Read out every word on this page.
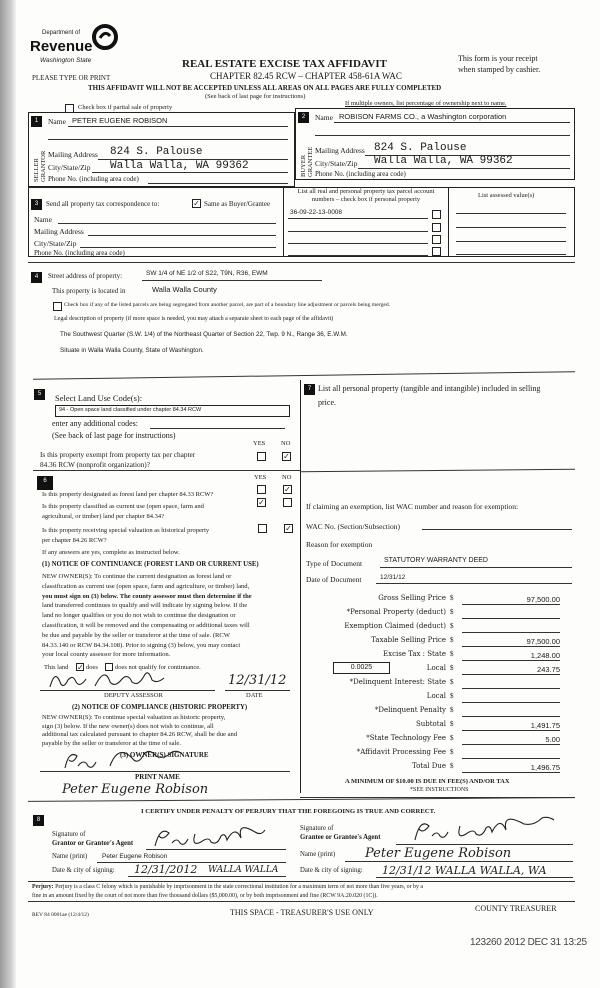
Department of
Revenue
Washington State	REAL ESTATE EXCISE TAX AFFIDAVIT
CHAPTER 82.45 RCW – CHAPTER 458-61A WAC
This form is your receipt
when stamped by cashier.
PLEASE TYPE OR PRINT
THIS AFFIDAVIT WILL NOT BE ACCEPTED UNLESS ALL AREAS ON ALL PAGES ARE FULLY COMPLETED
(See back of last page for instructions)
Check box if partial sale of property
If multiple owners, list percentage of ownership next to name.
1
SELLER GRANTOR
Name PETER EUGENE ROBISON
Mailing Address 824 S. Palouse
City/State/Zip Walla Walla, WA 99362
Phone No. (including area code)
2
BUYER GRANTEE
Name ROBISON FARMS CO., a Washington corporation
Mailing Address 824 S. Palouse
City/State/Zip Walla Walla, WA 99362
Phone No. (including area code)
3	Send all property tax correspondence to:	✓ Same as Buyer/Grantee
Name
Mailing Address
City/State/Zip
Phone No. (including area code)
List all real and personal property tax parcel account
numbers – check box if personal property
List assessed value(s)
36-09-22-13-0008
4	Street address of property:	SW 1/4 of NE 1/2 of S22, T9N, R36, EWM
This property is located in	Walla Walla County
Check box if any of the listed parcels are being segregated from another parcel, are part of a boundary line adjustment or parcels being merged.
Legal description of property (if more space is needed, you may attach a separate sheet to each page of the affidavit)
The Southwest Quarter (S.W. 1/4) of the Northeast Quarter of Section 22, Twp. 9 N., Range 36, E.W.M.
Situate in Walla Walla County, State of Washington.
5	Select Land Use Code(s):
94 - Open space land classified under chapter 84.34 RCW
enter any additional codes:
(See back of last page for instructions)
YES NO
✓
Is this property exempt from property tax per chapter
84.36 RCW (nonprofit organization)?
7 List all personal property (tangible and intangible) included in selling
price.
6	YES NO
Is this property designated as forest land per chapter 84.33 RCW?
✓
Is this property classified as current use (open space, farm and
agricultural, or timber) land per chapter 84.34?
✓
Is this property receiving special valuation as historical property
per chapter 84.26 RCW?
✓
If any answers are yes, complete as instructed below.
(1) NOTICE OF CONTINUANCE (FOREST LAND OR CURRENT USE)
NEW OWNER(S): To continue the current designation as forest land or
classification as current use (open space, farm and agriculture, or timber) land,
you must sign on (3) below. The county assessor must then determine if the
land transferred continues to qualify and will indicate by signing below. If the
land no longer qualifies or you do not wish to continue the designation or
classification, it will be removed and the compensating or additional taxes will
be due and payable by the seller or transferor at the time of sale. (RCW
84.33.140 or RCW 84.34.108). Prior to signing (3) below, you may contact
your local county assessor for more information.
This land ✓ does	does not qualify for continuance.
12/31/12
DEPUTY ASSESSOR	DATE
(2) NOTICE OF COMPLIANCE (HISTORIC PROPERTY)
NEW OWNER(S): To continue special valuation as historic property,
sign (3) below. If the new owner(s) does not wish to continue, all
additional tax calculated pursuant to chapter 84.26 RCW, shall be due and
payable by the seller or transferor at the time of sale.
(3) OWNER(S) SIGNATURE
PRINT NAME
Peter Eugene Robison
If claiming an exemption, list WAC number and reason for exemption:
WAC No. (Section/Subsection)
Reason for exemption
Type of Document	STATUTORY WARRANTY DEED
Date of Document	12/31/12
0.0025
Gross Selling Price $	97,500.00
*Personal Property (deduct) $
Exemption Claimed (deduct) $
Taxable Selling Price $	97,500.00
Excise Tax : State $	1,248.00
Local $	243.75
*Delinquent Interest: State $
Local $
*Delinquent Penalty $
Subtotal $	1,491.75
*State Technology Fee $	5.00
*Affidavit Processing Fee $
Total Due $	1,496.75
A MINIMUM OF $10.00 IS DUE IN FEE(S) AND/OR TAX
*SEE INSTRUCTIONS
8
I CERTIFY UNDER PENALTY OF PERJURY THAT THE FOREGOING IS TRUE AND CORRECT.
Signature of
Grantor or Grantor's Agent
Name (print) Peter Eugene Robison
Date & city of signing: 12/31/2012 WALLA WALLA
Signature of
Grantee or Grantee's Agent
Name (print) Peter Eugene Robison
Date & city of signing: 12/31/12 WALLA WALLA, WA
Perjury: Perjury is a class C felony which is punishable by imprisonment in the state correctional institution for a maximum term of not more than five years, or by a
fine in an amount fixed by the court of not more than five thousand dollars ($5,000.00), or by both imprisonment and fine (RCW 9A.20.020 (1C)).
REV 84 0001ae (12/4/12)	THIS SPACE - TREASURER'S USE ONLY	COUNTY TREASURER
123260 2012 DEC 31 13:25
